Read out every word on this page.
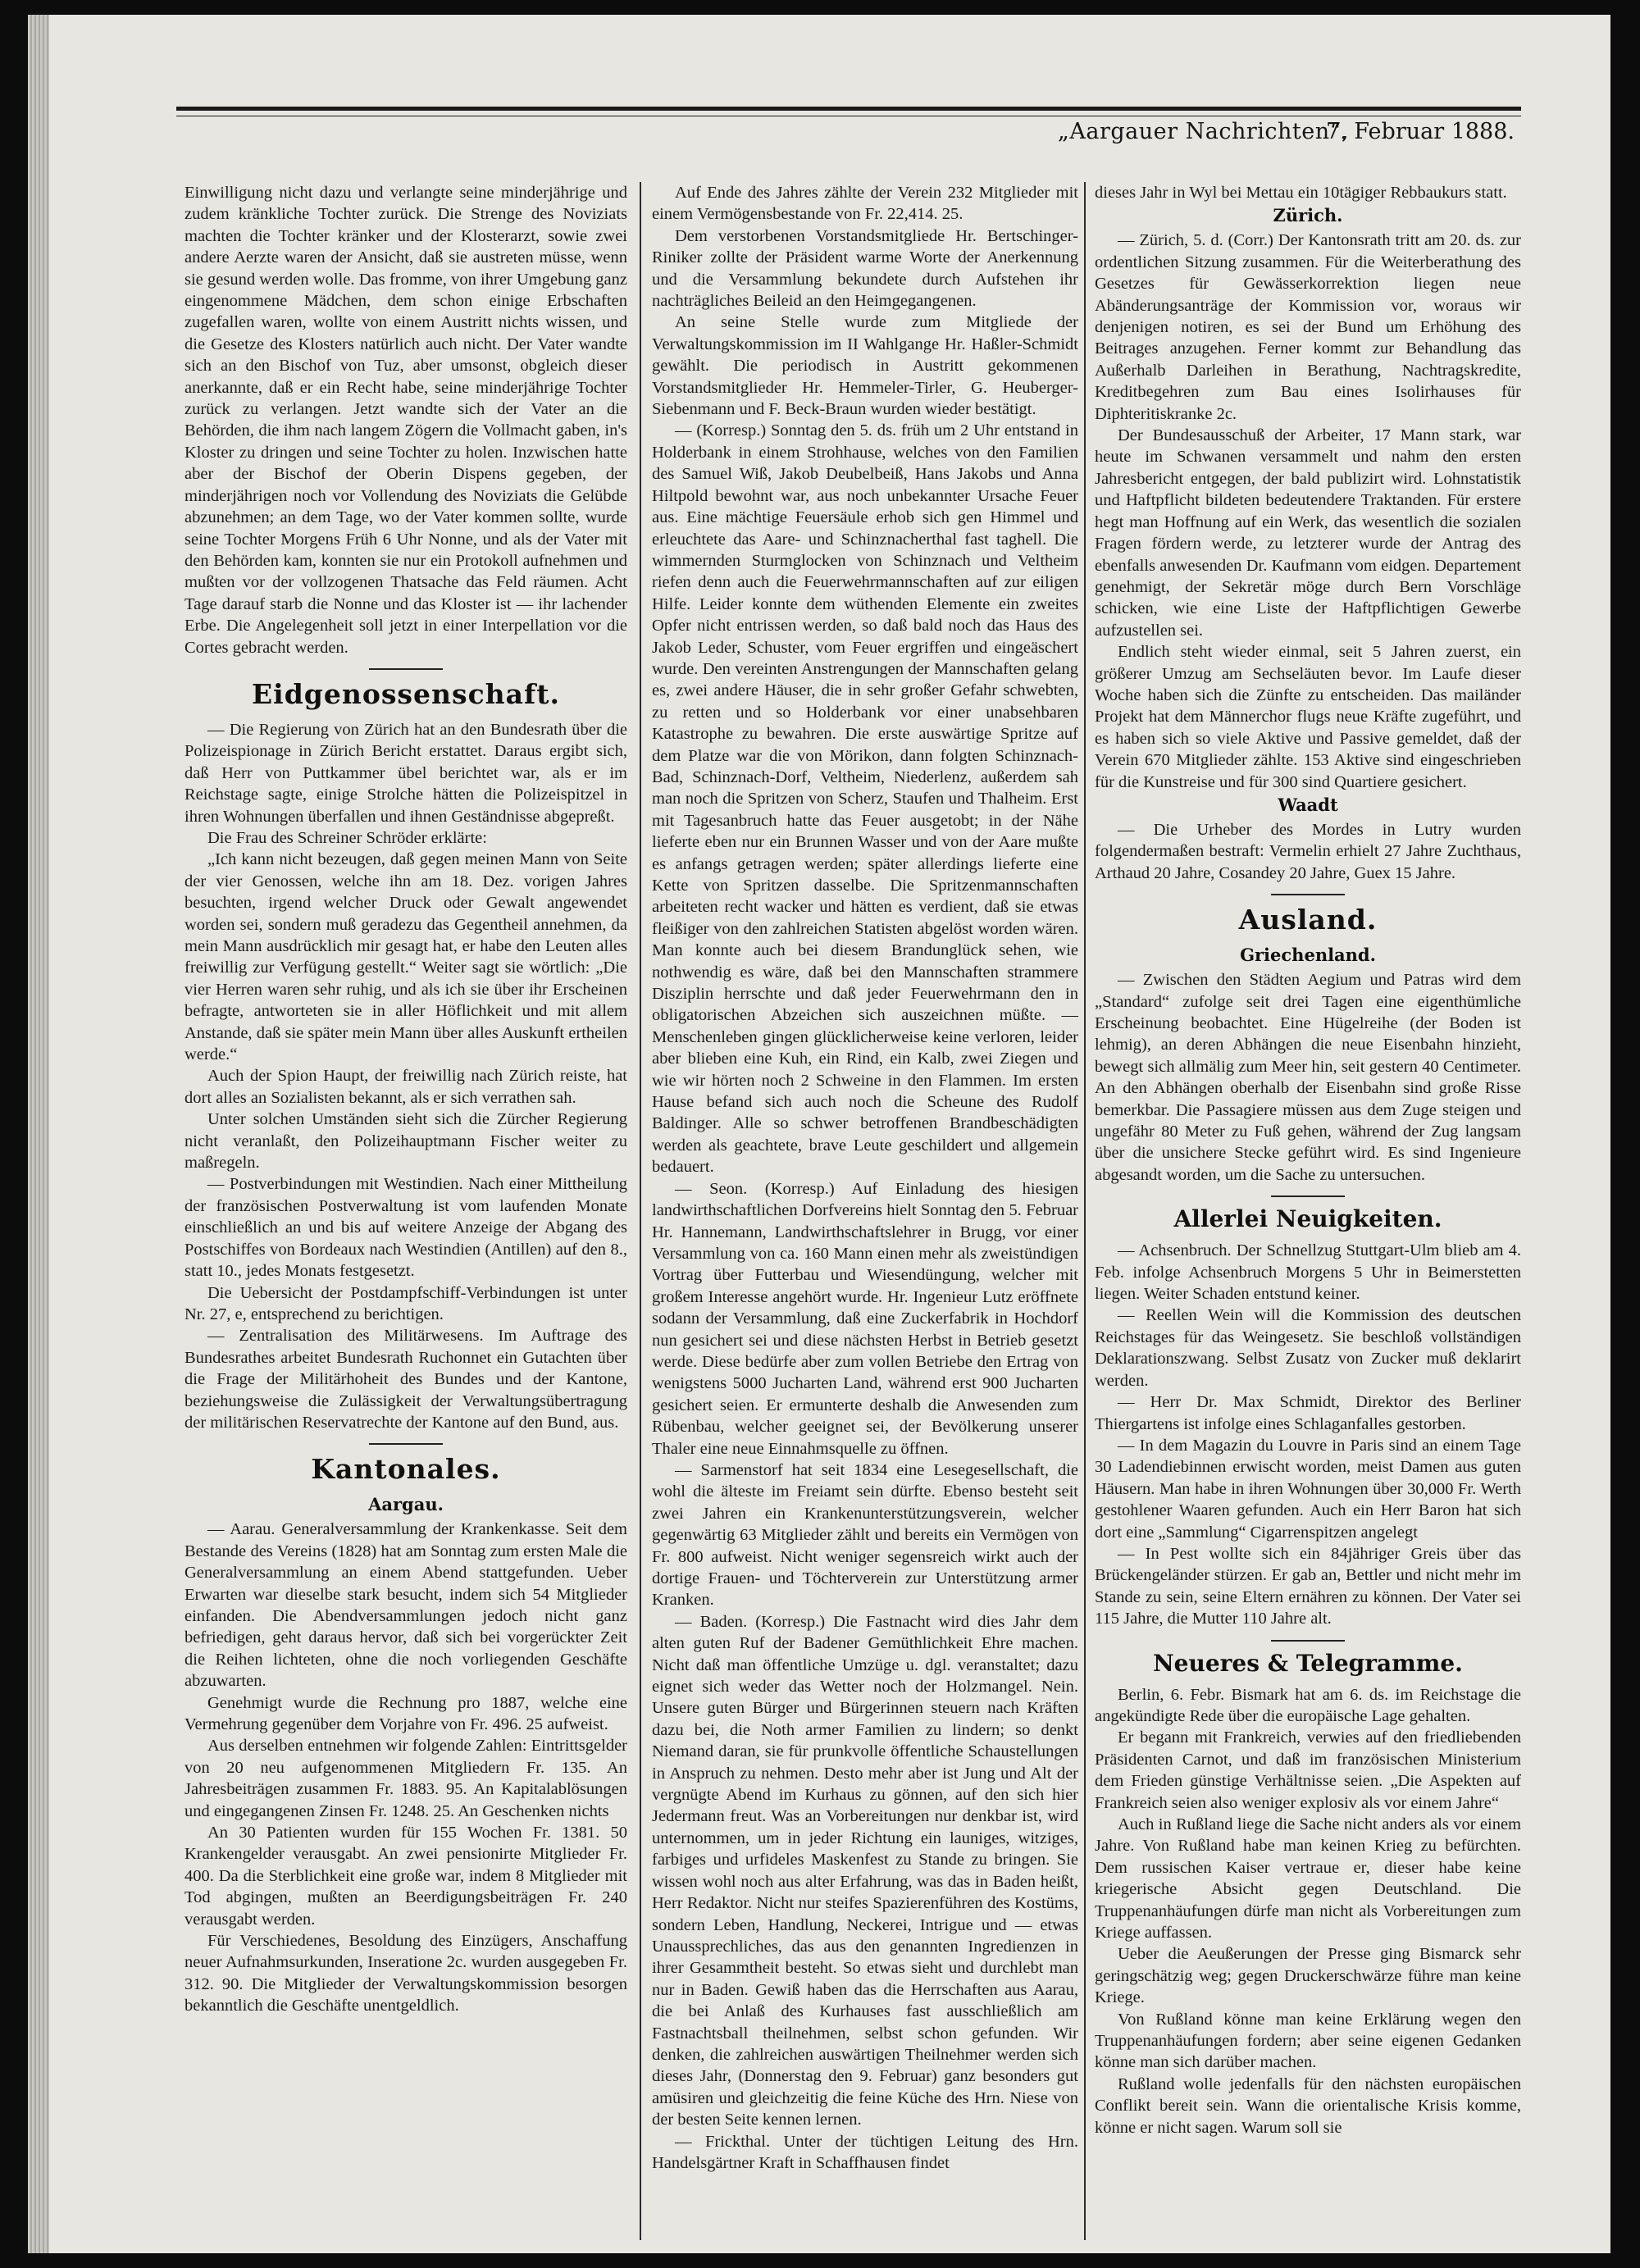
„Aargauer Nachrichten“,
7. Februar 1888.

Einwilligung nicht dazu und verlangte seine minderjährige und zudem kränkliche Tochter zurück. Die Strenge des Noviziats machten die Tochter kränker und der Klosterarzt, sowie zwei andere Aerzte waren der Ansicht, daß sie austreten müsse, wenn sie gesund werden wolle. Das fromme, von ihrer Umgebung ganz eingenommene Mädchen, dem schon einige Erbschaften zugefallen waren, wollte von einem Austritt nichts wissen, und die Gesetze des Klosters natürlich auch nicht. Der Vater wandte sich an den Bischof von Tuz, aber umsonst, obgleich dieser anerkannte, daß er ein Recht habe, seine minderjährige Tochter zurück zu verlangen. Jetzt wandte sich der Vater an die Behörden, die ihm nach langem Zögern die Vollmacht gaben, in's Kloster zu dringen und seine Tochter zu holen. Inzwischen hatte aber der Bischof der Oberin Dispens gegeben, der minderjährigen noch vor Vollendung des Noviziats die Gelübde abzunehmen; an dem Tage, wo der Vater kommen sollte, wurde seine Tochter Morgens Früh 6 Uhr Nonne, und als der Vater mit den Behörden kam, konnten sie nur ein Protokoll aufnehmen und mußten vor der vollzogenen Thatsache das Feld räumen. Acht Tage darauf starb die Nonne und das Kloster ist — ihr lachender Erbe. Die Angelegenheit soll jetzt in einer Interpellation vor die Cortes gebracht werden.

Eidgenossenschaft.

— Die Regierung von Zürich hat an den Bundesrath über die Polizeispionage in Zürich Bericht erstattet. Daraus ergibt sich, daß Herr von Puttkammer übel berichtet war, als er im Reichstage sagte, einige Strolche hätten die Polizeispitzel in ihren Wohnungen überfallen und ihnen Geständnisse abgepreßt.

Die Frau des Schreiner Schröder erklärte:

„Ich kann nicht bezeugen, daß gegen meinen Mann von Seite der vier Genossen, welche ihn am 18. Dez. vorigen Jahres besuchten, irgend welcher Druck oder Gewalt angewendet worden sei, sondern muß geradezu das Gegentheil annehmen, da mein Mann ausdrücklich mir gesagt hat, er habe den Leuten alles freiwillig zur Verfügung gestellt.“ Weiter sagt sie wörtlich: „Die vier Herren waren sehr ruhig, und als ich sie über ihr Erscheinen befragte, antworteten sie in aller Höflichkeit und mit allem Anstande, daß sie später mein Mann über alles Auskunft ertheilen werde.“

Auch der Spion Haupt, der freiwillig nach Zürich reiste, hat dort alles an Sozialisten bekannt, als er sich verrathen sah.

Unter solchen Umständen sieht sich die Zürcher Regierung nicht veranlaßt, den Polizeihauptmann Fischer weiter zu maßregeln.

— Postverbindungen mit Westindien. Nach einer Mittheilung der französischen Postverwaltung ist vom laufenden Monate einschließlich an und bis auf weitere Anzeige der Abgang des Postschiffes von Bordeaux nach Westindien (Antillen) auf den 8., statt 10., jedes Monats festgesetzt.

Die Uebersicht der Postdampfschiff-Verbindungen ist unter Nr. 27, e, entsprechend zu berichtigen.

— Zentralisation des Militärwesens. Im Auftrage des Bundesrathes arbeitet Bundesrath Ruchonnet ein Gutachten über die Frage der Militärhoheit des Bundes und der Kantone, beziehungsweise die Zulässigkeit der Verwaltungsübertragung der militärischen Reservatrechte der Kantone auf den Bund, aus.

Kantonales.
Aargau.

— Aarau. Generalversammlung der Krankenkasse. Seit dem Bestande des Vereins (1828) hat am Sonntag zum ersten Male die Generalversammlung an einem Abend stattgefunden. Ueber Erwarten war dieselbe stark besucht, indem sich 54 Mitglieder einfanden. Die Abendversammlungen jedoch nicht ganz befriedigen, geht daraus hervor, daß sich bei vorgerückter Zeit die Reihen lichteten, ohne die noch vorliegenden Geschäfte abzuwarten.

Genehmigt wurde die Rechnung pro 1887, welche eine Vermehrung gegenüber dem Vorjahre von Fr. 496. 25 aufweist.

Aus derselben entnehmen wir folgende Zahlen: Eintrittsgelder von 20 neu aufgenommenen Mitgliedern Fr. 135. An Jahresbeiträgen zusammen Fr. 1883. 95. An Kapitalablösungen und eingegangenen Zinsen Fr. 1248. 25. An Geschenken nichts

An 30 Patienten wurden für 155 Wochen Fr. 1381. 50 Krankengelder verausgabt. An zwei pensionirte Mitglieder Fr. 400. Da die Sterblichkeit eine große war, indem 8 Mitglieder mit Tod abgingen, mußten an Beerdigungsbeiträgen Fr. 240 verausgabt werden.

Für Verschiedenes, Besoldung des Einzügers, Anschaffung neuer Aufnahmsurkunden, Inseratione 2c. wurden ausgegeben Fr. 312. 90. Die Mitglieder der Verwaltungskommission besorgen bekanntlich die Geschäfte unentgeldlich.

Auf Ende des Jahres zählte der Verein 232 Mitglieder mit einem Vermögensbestande von Fr. 22,414. 25.

Dem verstorbenen Vorstandsmitgliede Hr. Bertschinger-Riniker zollte der Präsident warme Worte der Anerkennung und die Versammlung bekundete durch Aufstehen ihr nachträgliches Beileid an den Heimgegangenen.

An seine Stelle wurde zum Mitgliede der Verwaltungskommission im II Wahlgange Hr. Haßler-Schmidt gewählt. Die periodisch in Austritt gekommenen Vorstandsmitglieder Hr. Hemmeler-Tirler, G. Heuberger-Siebenmann und F. Beck-Braun wurden wieder bestätigt.

— (Korresp.) Sonntag den 5. ds. früh um 2 Uhr entstand in Holderbank in einem Strohhause, welches von den Familien des Samuel Wiß, Jakob Deubelbeiß, Hans Jakobs und Anna Hiltpold bewohnt war, aus noch unbekannter Ursache Feuer aus. Eine mächtige Feuersäule erhob sich gen Himmel und erleuchtete das Aare- und Schinznacherthal fast taghell. Die wimmernden Sturmglocken von Schinznach und Veltheim riefen denn auch die Feuerwehrmannschaften auf zur eiligen Hilfe. Leider konnte dem wüthenden Elemente ein zweites Opfer nicht entrissen werden, so daß bald noch das Haus des Jakob Leder, Schuster, vom Feuer ergriffen und eingeäschert wurde. Den vereinten Anstrengungen der Mannschaften gelang es, zwei andere Häuser, die in sehr großer Gefahr schwebten, zu retten und so Holderbank vor einer unabsehbaren Katastrophe zu bewahren. Die erste auswärtige Spritze auf dem Platze war die von Mörikon, dann folgten Schinznach-Bad, Schinznach-Dorf, Veltheim, Niederlenz, außerdem sah man noch die Spritzen von Scherz, Staufen und Thalheim. Erst mit Tagesanbruch hatte das Feuer ausgetobt; in der Nähe lieferte eben nur ein Brunnen Wasser und von der Aare mußte es anfangs getragen werden; später allerdings lieferte eine Kette von Spritzen dasselbe. Die Spritzenmannschaften arbeiteten recht wacker und hätten es verdient, daß sie etwas fleißiger von den zahlreichen Statisten abgelöst worden wären. Man konnte auch bei diesem Brandunglück sehen, wie nothwendig es wäre, daß bei den Mannschaften strammere Disziplin herrschte und daß jeder Feuerwehrmann den in obligatorischen Abzeichen sich auszeichnen müßte. — Menschenleben gingen glücklicherweise keine verloren, leider aber blieben eine Kuh, ein Rind, ein Kalb, zwei Ziegen und wie wir hörten noch 2 Schweine in den Flammen. Im ersten Hause befand sich auch noch die Scheune des Rudolf Baldinger. Alle so schwer betroffenen Brandbeschädigten werden als geachtete, brave Leute geschildert und allgemein bedauert.

— Seon. (Korresp.) Auf Einladung des hiesigen landwirthschaftlichen Dorfvereins hielt Sonntag den 5. Februar Hr. Hannemann, Landwirthschaftslehrer in Brugg, vor einer Versammlung von ca. 160 Mann einen mehr als zweistündigen Vortrag über Futterbau und Wiesendüngung, welcher mit großem Interesse angehört wurde. Hr. Ingenieur Lutz eröffnete sodann der Versammlung, daß eine Zuckerfabrik in Hochdorf nun gesichert sei und diese nächsten Herbst in Betrieb gesetzt werde. Diese bedürfe aber zum vollen Betriebe den Ertrag von wenigstens 5000 Jucharten Land, während erst 900 Jucharten gesichert seien. Er ermunterte deshalb die Anwesenden zum Rübenbau, welcher geeignet sei, der Bevölkerung unserer Thaler eine neue Einnahmsquelle zu öffnen.

— Sarmenstorf hat seit 1834 eine Lesegesellschaft, die wohl die älteste im Freiamt sein dürfte. Ebenso besteht seit zwei Jahren ein Krankenunterstützungsverein, welcher gegenwärtig 63 Mitglieder zählt und bereits ein Vermögen von Fr. 800 aufweist. Nicht weniger segensreich wirkt auch der dortige Frauen- und Töchterverein zur Unterstützung armer Kranken.

— Baden. (Korresp.) Die Fastnacht wird dies Jahr dem alten guten Ruf der Badener Gemüthlichkeit Ehre machen. Nicht daß man öffentliche Umzüge u. dgl. veranstaltet; dazu eignet sich weder das Wetter noch der Holzmangel. Nein. Unsere guten Bürger und Bürgerinnen steuern nach Kräften dazu bei, die Noth armer Familien zu lindern; so denkt Niemand daran, sie für prunkvolle öffentliche Schaustellungen in Anspruch zu nehmen. Desto mehr aber ist Jung und Alt der vergnügte Abend im Kurhaus zu gönnen, auf den sich hier Jedermann freut. Was an Vorbereitungen nur denkbar ist, wird unternommen, um in jeder Richtung ein launiges, witziges, farbiges und urfideles Maskenfest zu Stande zu bringen. Sie wissen wohl noch aus alter Erfahrung, was das in Baden heißt, Herr Redaktor. Nicht nur steifes Spazierenführen des Kostüms, sondern Leben, Handlung, Neckerei, Intrigue und — etwas Unaussprechliches, das aus den genannten Ingredienzen in ihrer Gesammtheit besteht. So etwas sieht und durchlebt man nur in Baden. Gewiß haben das die Herrschaften aus Aarau, die bei Anlaß des Kurhauses fast ausschließlich am Fastnachtsball theilnehmen, selbst schon gefunden. Wir denken, die zahlreichen auswärtigen Theilnehmer werden sich dieses Jahr, (Donnerstag den 9. Februar) ganz besonders gut amüsiren und gleichzeitig die feine Küche des Hrn. Niese von der besten Seite kennen lernen.

— Frickthal. Unter der tüchtigen Leitung des Hrn. Handelsgärtner Kraft in Schaffhausen findet

dieses Jahr in Wyl bei Mettau ein 10tägiger Rebbaukurs statt.

Zürich.

— Zürich, 5. d. (Corr.) Der Kantonsrath tritt am 20. ds. zur ordentlichen Sitzung zusammen. Für die Weiterberathung des Gesetzes für Gewässerkorrektion liegen neue Abänderungsanträge der Kommission vor, woraus wir denjenigen notiren, es sei der Bund um Erhöhung des Beitrages anzugehen. Ferner kommt zur Behandlung das Außerhalb Darleihen in Berathung, Nachtragskredite, Kreditbegehren zum Bau eines Isolirhauses für Diphteritiskranke 2c.

Der Bundesausschuß der Arbeiter, 17 Mann stark, war heute im Schwanen versammelt und nahm den ersten Jahresbericht entgegen, der bald publizirt wird. Lohnstatistik und Haftpflicht bildeten bedeutendere Traktanden. Für erstere hegt man Hoffnung auf ein Werk, das wesentlich die sozialen Fragen fördern werde, zu letzterer wurde der Antrag des ebenfalls anwesenden Dr. Kaufmann vom eidgen. Departement genehmigt, der Sekretär möge durch Bern Vorschläge schicken, wie eine Liste der Haftpflichtigen Gewerbe aufzustellen sei.

Endlich steht wieder einmal, seit 5 Jahren zuerst, ein größerer Umzug am Sechseläuten bevor. Im Laufe dieser Woche haben sich die Zünfte zu entscheiden. Das mailänder Projekt hat dem Männerchor flugs neue Kräfte zugeführt, und es haben sich so viele Aktive und Passive gemeldet, daß der Verein 670 Mitglieder zählte. 153 Aktive sind eingeschrieben für die Kunstreise und für 300 sind Quartiere gesichert.

Waadt

— Die Urheber des Mordes in Lutry wurden folgendermaßen bestraft: Vermelin erhielt 27 Jahre Zuchthaus, Arthaud 20 Jahre, Cosandey 20 Jahre, Guex 15 Jahre.

Ausland.
Griechenland.

— Zwischen den Städten Aegium und Patras wird dem „Standard“ zufolge seit drei Tagen eine eigenthümliche Erscheinung beobachtet. Eine Hügelreihe (der Boden ist lehmig), an deren Abhängen die neue Eisenbahn hinzieht, bewegt sich allmälig zum Meer hin, seit gestern 40 Centimeter. An den Abhängen oberhalb der Eisenbahn sind große Risse bemerkbar. Die Passagiere müssen aus dem Zuge steigen und ungefähr 80 Meter zu Fuß gehen, während der Zug langsam über die unsichere Stecke geführt wird. Es sind Ingenieure abgesandt worden, um die Sache zu untersuchen.

Allerlei Neuigkeiten.

— Achsenbruch. Der Schnellzug Stuttgart-Ulm blieb am 4. Feb. infolge Achsenbruch Morgens 5 Uhr in Beimerstetten liegen. Weiter Schaden entstund keiner.

— Reellen Wein will die Kommission des deutschen Reichstages für das Weingesetz. Sie beschloß vollständigen Deklarationszwang. Selbst Zusatz von Zucker muß deklarirt werden.

— Herr Dr. Max Schmidt, Direktor des Berliner Thiergartens ist infolge eines Schlaganfalles gestorben.

— In dem Magazin du Louvre in Paris sind an einem Tage 30 Ladendiebinnen erwischt worden, meist Damen aus guten Häusern. Man habe in ihren Wohnungen über 30,000 Fr. Werth gestohlener Waaren gefunden. Auch ein Herr Baron hat sich dort eine „Sammlung“ Cigarrenspitzen angelegt

— In Pest wollte sich ein 84jähriger Greis über das Brückengeländer stürzen. Er gab an, Bettler und nicht mehr im Stande zu sein, seine Eltern ernähren zu können. Der Vater sei 115 Jahre, die Mutter 110 Jahre alt.

Neueres & Telegramme.

Berlin, 6. Febr. Bismark hat am 6. ds. im Reichstage die angekündigte Rede über die europäische Lage gehalten.

Er begann mit Frankreich, verwies auf den friedliebenden Präsidenten Carnot, und daß im französischen Ministerium dem Frieden günstige Verhältnisse seien. „Die Aspekten auf Frankreich seien also weniger explosiv als vor einem Jahre“

Auch in Rußland liege die Sache nicht anders als vor einem Jahre. Von Rußland habe man keinen Krieg zu befürchten. Dem russischen Kaiser vertraue er, dieser habe keine kriegerische Absicht gegen Deutschland. Die Truppenanhäufungen dürfe man nicht als Vorbereitungen zum Kriege auffassen.

Ueber die Aeußerungen der Presse ging Bismarck sehr geringschätzig weg; gegen Druckerschwärze führe man keine Kriege.

Von Rußland könne man keine Erklärung wegen den Truppenanhäufungen fordern; aber seine eigenen Gedanken könne man sich darüber machen.

Rußland wolle jedenfalls für den nächsten europäischen Conflikt bereit sein. Wann die orientalische Krisis komme, könne er nicht sagen. Warum soll sie
